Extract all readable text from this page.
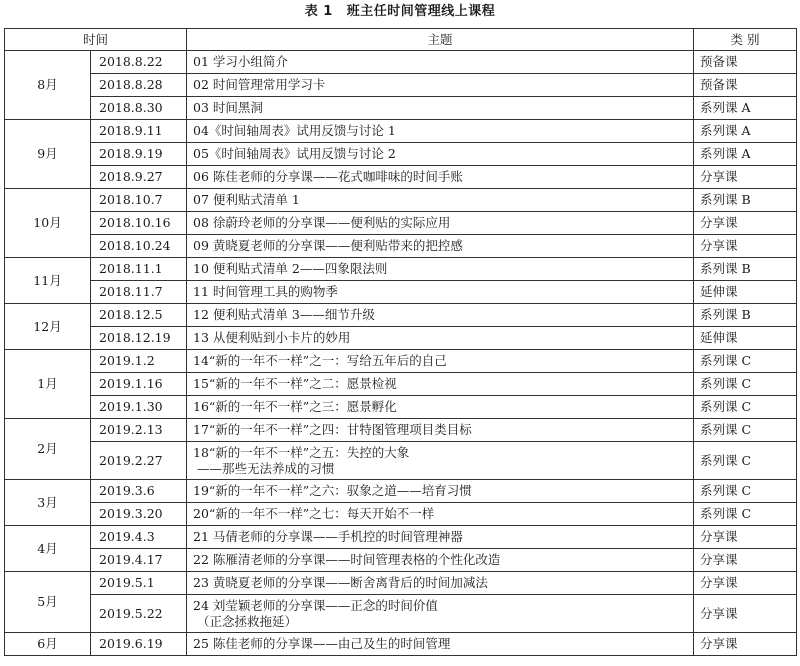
表 1 班主任时间管理线上课程
时间		主题	类 别
8月	2018.8.22	01 学习小组简介	预备课
	2018.8.28	02 时间管理常用学习卡	预备课
	2018.8.30	03 时间黑洞	系列课 A
9月	2018.9.11	04《时间轴周表》试用反馈与讨论 1	系列课 A
	2018.9.19	05《时间轴周表》试用反馈与讨论 2	系列课 A
	2018.9.27	06 陈佳老师的分享课——花式咖啡味的时间手账	分享课
10月	2018.10.7	07 便利贴式清单 1	系列课 B
	2018.10.16	08 徐蔚玲老师的分享课——便利贴的实际应用	分享课
	2018.10.24	09 黄晓夏老师的分享课——便利贴带来的把控感	分享课
11月	2018.11.1	10 便利贴式清单 2——四象限法则	系列课 B
	2018.11.7	11 时间管理工具的购物季	延伸课
12月	2018.12.5	12 便利贴式清单 3——细节升级	系列课 B
	2018.12.19	13 从便利贴到小卡片的妙用	延伸课
1月	2019.1.2	14“新的一年不一样”之一：写给五年后的自己	系列课 C
	2019.1.16	15“新的一年不一样”之二：愿景检视	系列课 C
	2019.1.30	16“新的一年不一样”之三：愿景孵化	系列课 C
2月	2019.2.13	17“新的一年不一样”之四：甘特图管理项目类目标	系列课 C
	2019.2.27	18“新的一年不一样”之五：失控的大象
——那些无法养成的习惯	系列课 C
3月	2019.3.6	19“新的一年不一样”之六：驭象之道——培育习惯	系列课 C
	2019.3.20	20“新的一年不一样”之七：每天开始不一样	系列课 C
4月	2019.4.3	21 马倩老师的分享课——手机控的时间管理神器	分享课
	2019.4.17	22 陈雁清老师的分享课——时间管理表格的个性化改造	分享课
5月	2019.5.1	23 黄晓夏老师的分享课——断舍离背后的时间加减法	分享课
	2019.5.22	24 刘莹颖老师的分享课——正念的时间价值
（正念拯救拖延）	分享课
6月	2019.6.19	25 陈佳老师的分享课——由己及生的时间管理	分享课
